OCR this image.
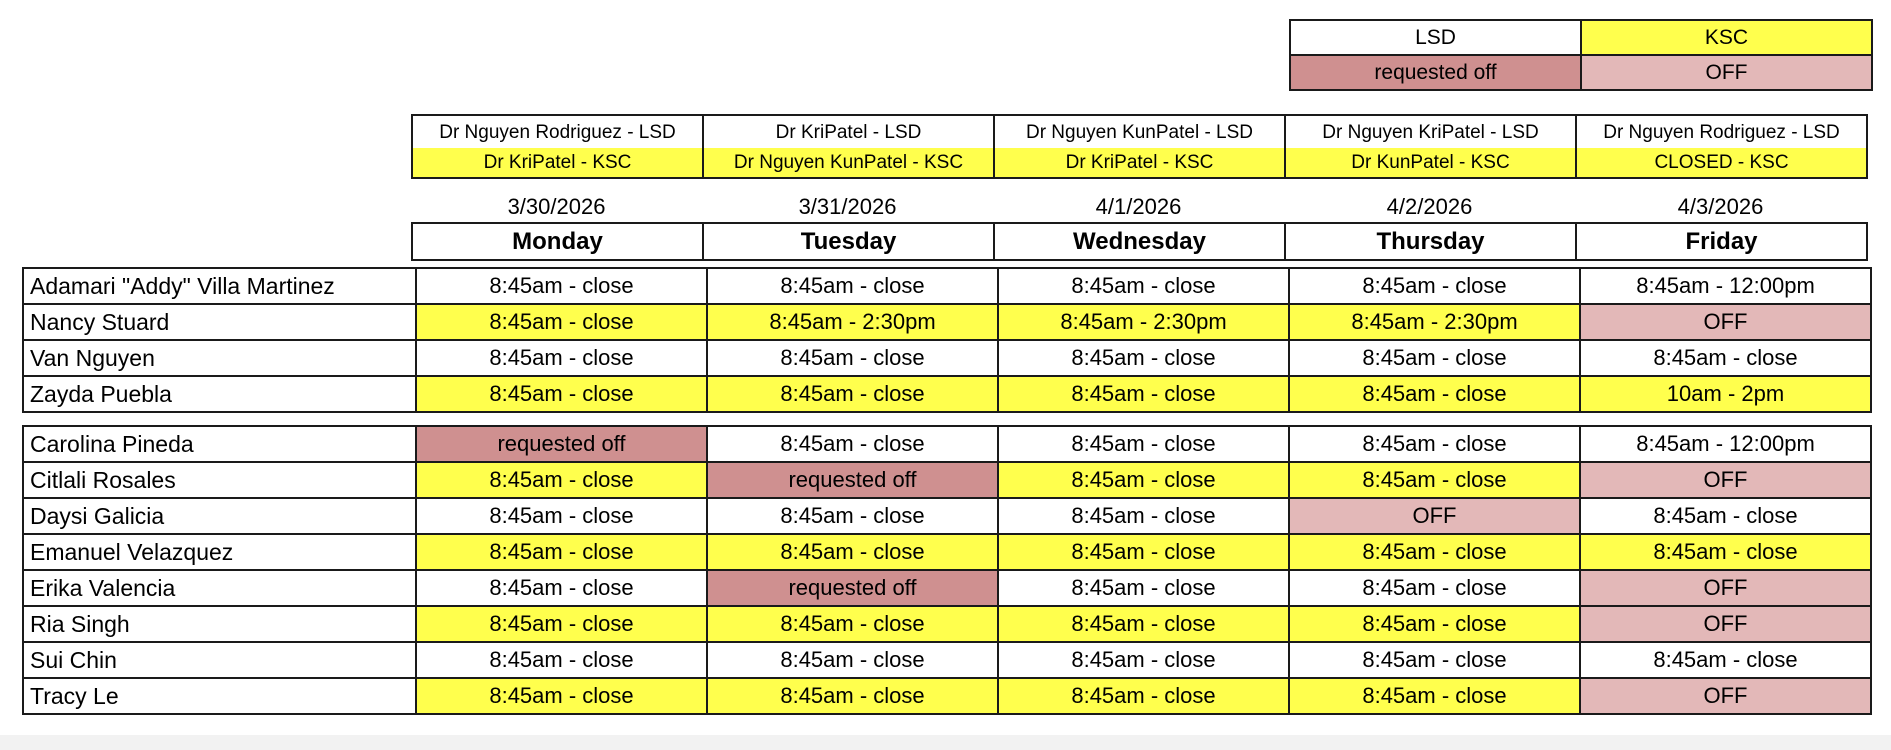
LSD	KSC
requested off	OFF
Dr Nguyen Rodriguez - LSD	Dr KriPatel - LSD	Dr Nguyen KunPatel - LSD	Dr Nguyen KriPatel - LSD	Dr Nguyen Rodriguez - LSD
Dr KriPatel - KSC	Dr Nguyen KunPatel - KSC	Dr KriPatel - KSC	Dr KunPatel - KSC	CLOSED - KSC
3/30/2026	3/31/2026	4/1/2026	4/2/2026	4/3/2026
Monday	Tuesday	Wednesday	Thursday	Friday
Adamari "Addy" Villa Martinez	8:45am - close	8:45am - close	8:45am - close	8:45am - close	8:45am - 12:00pm
Nancy Stuard	8:45am - close	8:45am - 2:30pm	8:45am - 2:30pm	8:45am - 2:30pm	OFF
Van Nguyen	8:45am - close	8:45am - close	8:45am - close	8:45am - close	8:45am - close
Zayda Puebla	8:45am - close	8:45am - close	8:45am - close	8:45am - close	10am - 2pm
Carolina Pineda	requested off	8:45am - close	8:45am - close	8:45am - close	8:45am - 12:00pm
Citlali Rosales	8:45am - close	requested off	8:45am - close	8:45am - close	OFF
Daysi Galicia	8:45am - close	8:45am - close	8:45am - close	OFF	8:45am - close
Emanuel Velazquez	8:45am - close	8:45am - close	8:45am - close	8:45am - close	8:45am - close
Erika Valencia	8:45am - close	requested off	8:45am - close	8:45am - close	OFF
Ria Singh	8:45am - close	8:45am - close	8:45am - close	8:45am - close	OFF
Sui Chin	8:45am - close	8:45am - close	8:45am - close	8:45am - close	8:45am - close
Tracy Le	8:45am - close	8:45am - close	8:45am - close	8:45am - close	OFF
